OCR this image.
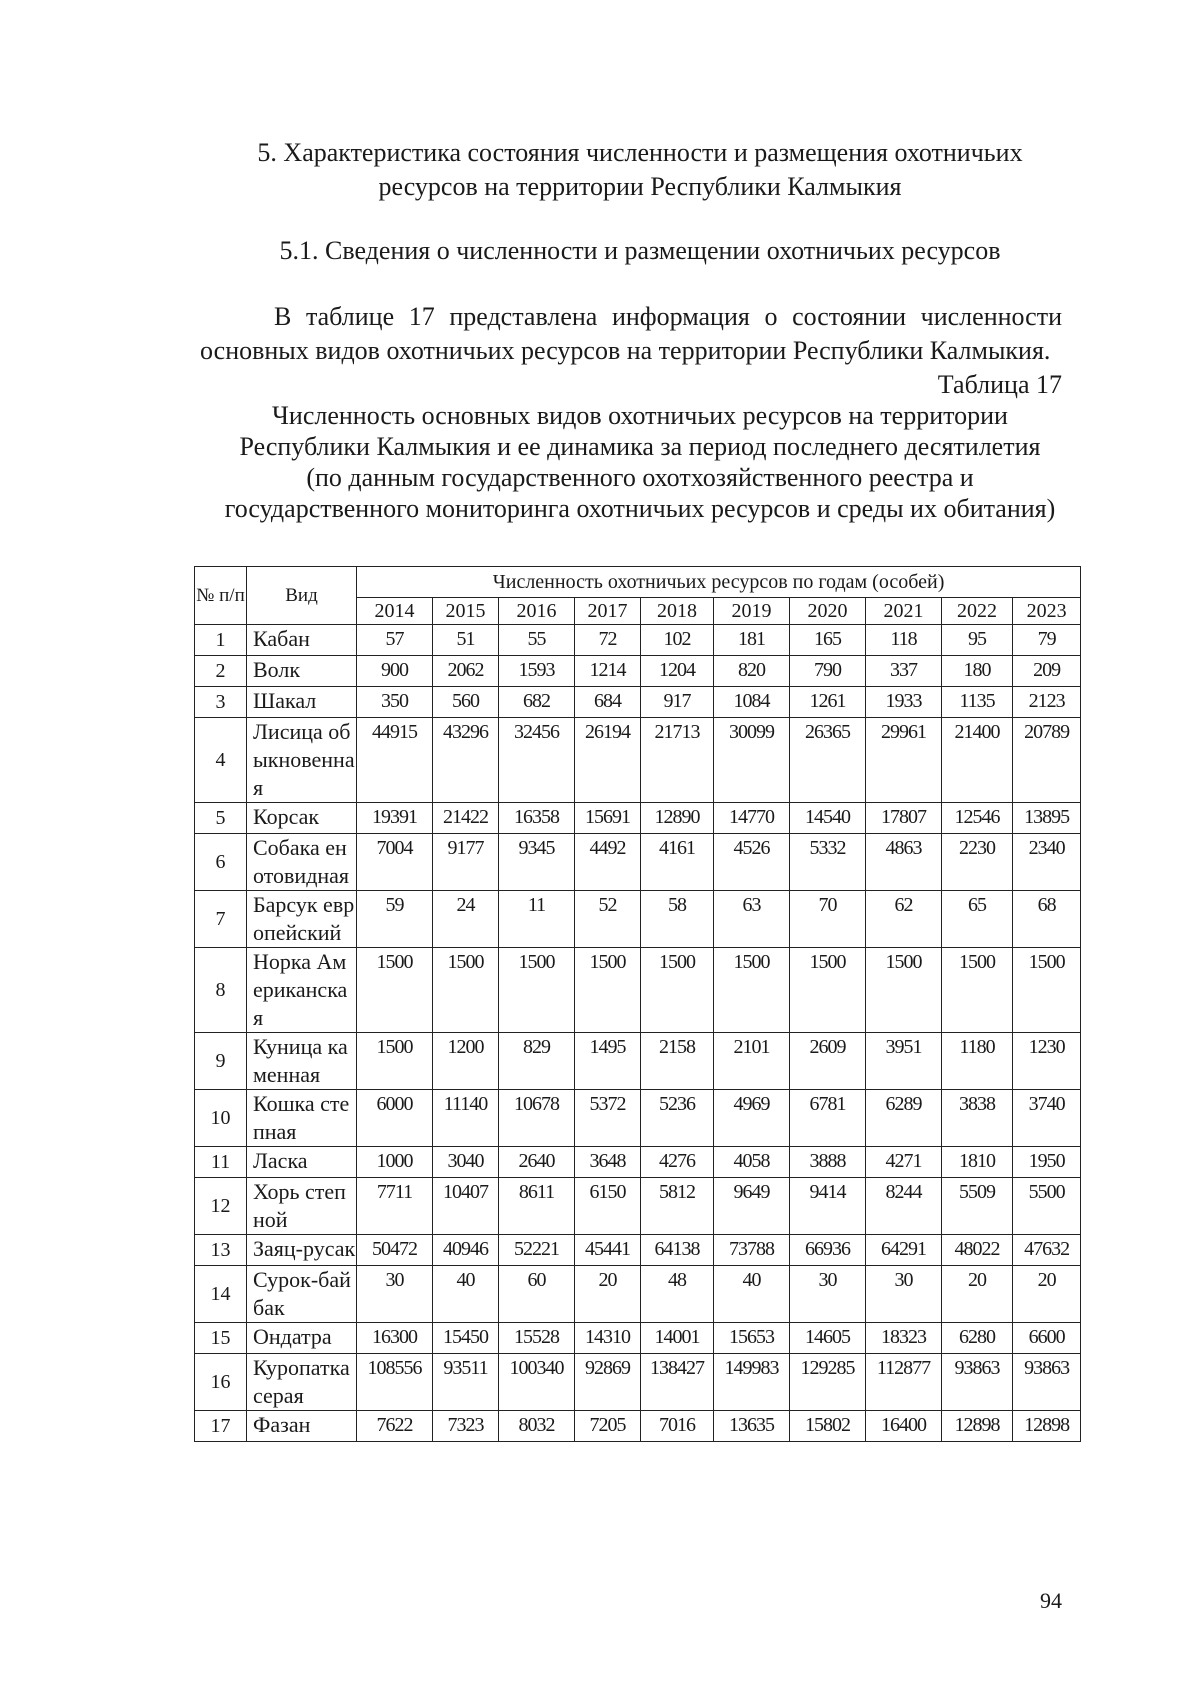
5. Характеристика состояния численности и размещения охотничьих
ресурсов на территории Республики Калмыкия
5.1. Сведения о численности и размещении охотничьих ресурсов
В таблице 17 представлена информация о состоянии численности основных видов охотничьих ресурсов на территории Республики Калмыкия.
Таблица 17
Численность основных видов охотничьих ресурсов на территории
Республики Калмыкия и ее динамика за период последнего десятилетия
(по данным государственного охотхозяйственного реестра и
государственного мониторинга охотничьих ресурсов и среды их обитания)
№ п/п	Вид	Численность охотничьих ресурсов по годам (особей)									
		2014	2015	2016	2017	2018	2019	2020	2021	2022	2023
1	Кабан	57	51	55	72	102	181	165	118	95	79
2	Волк	900	2062	1593	1214	1204	820	790	337	180	209
3	Шакал	350	560	682	684	917	1084	1261	1933	1135	2123
4	Лисица обыкновенная	44915	43296	32456	26194	21713	30099	26365	29961	21400	20789
5	Корсак	19391	21422	16358	15691	12890	14770	14540	17807	12546	13895
6	Собака енотовидная	7004	9177	9345	4492	4161	4526	5332	4863	2230	2340
7	Барсук европейский	59	24	11	52	58	63	70	62	65	68
8	Норка Американская	1500	1500	1500	1500	1500	1500	1500	1500	1500	1500
9	Куница каменная	1500	1200	829	1495	2158	2101	2609	3951	1180	1230
10	Кошка степная	6000	11140	10678	5372	5236	4969	6781	6289	3838	3740
11	Ласка	1000	3040	2640	3648	4276	4058	3888	4271	1810	1950
12	Хорь степной	7711	10407	8611	6150	5812	9649	9414	8244	5509	5500
13	Заяц-русак	50472	40946	52221	45441	64138	73788	66936	64291	48022	47632
14	Сурок-байбак	30	40	60	20	48	40	30	30	20	20
15	Ондатра	16300	15450	15528	14310	14001	15653	14605	18323	6280	6600
16	Куропатка серая	108556	93511	100340	92869	138427	149983	129285	112877	93863	93863
17	Фазан	7622	7323	8032	7205	7016	13635	15802	16400	12898	12898
94
